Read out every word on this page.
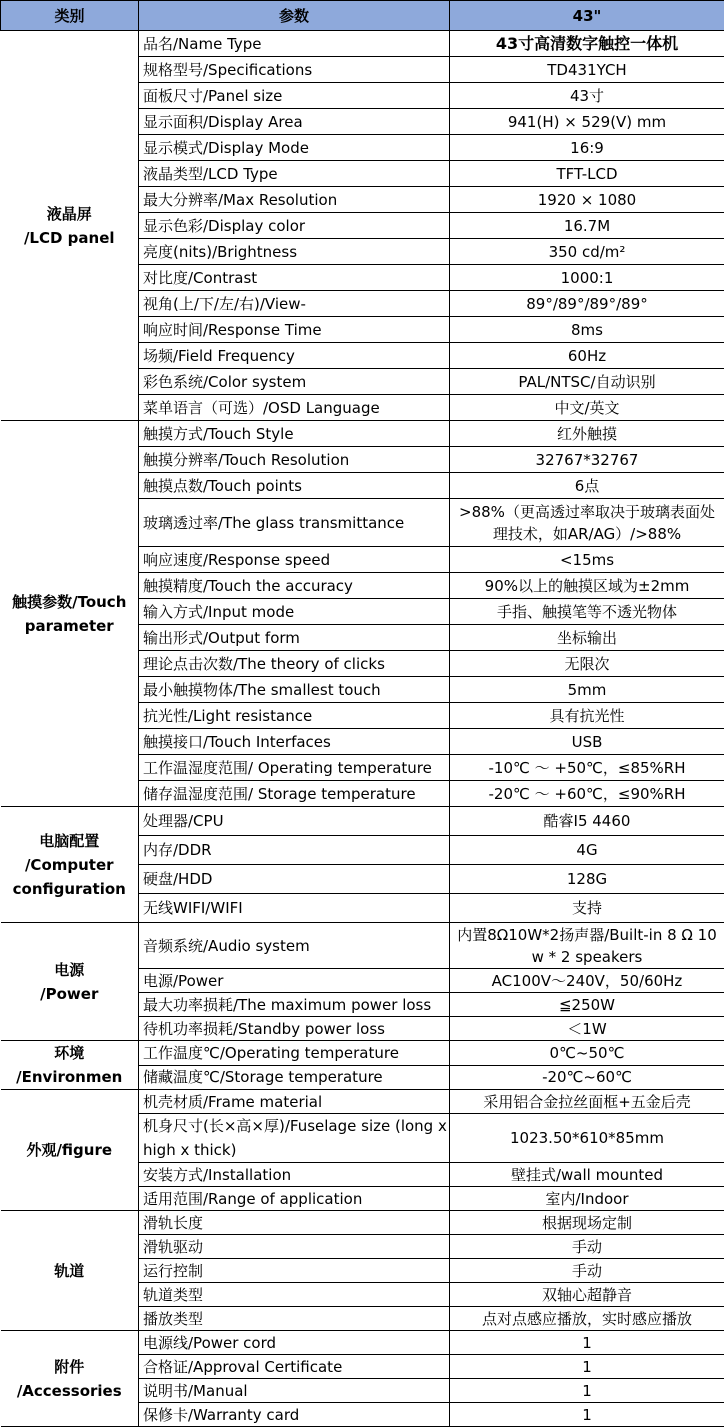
类别	参数	43"
液晶屏
/LCD panel	品名/Name Type	43寸高清数字触控一体机
	规格型号/Specifications	TD431YCH
	面板尺寸/Panel size	43寸
	显示面积/Display Area	941(H) × 529(V) mm
	显示模式/Display Mode	16:9
	液晶类型/LCD Type	TFT-LCD
	最大分辨率/Max Resolution	1920 × 1080
	显示色彩/Display color	16.7M
	亮度(nits)/Brightness	350 cd/m²
	对比度/Contrast	1000:1
	视角(上/下/左/右)/View-	89°/89°/89°/89°
	响应时间/Response Time	8ms
	场频/Field Frequency	60Hz
	彩色系统/Color system	PAL/NTSC/自动识别
	菜单语言（可选）/OSD Language	中文/英文
触摸参数/Touch
parameter	触摸方式/Touch Style	红外触摸
	触摸分辨率/Touch Resolution	32767*32767
	触摸点数/Touch points	6点
	玻璃透过率/The glass transmittance	>88%（更高透过率取决于玻璃表面处理技术，如AR/AG）/>88%
	响应速度/Response speed	<15ms
	触摸精度/Touch the accuracy	90%以上的触摸区域为±2mm
	输入方式/Input mode	手指、触摸笔等不透光物体
	输出形式/Output form	坐标输出
	理论点击次数/The theory of clicks	无限次
	最小触摸物体/The smallest touch	5mm
	抗光性/Light resistance	具有抗光性
	触摸接口/Touch Interfaces	USB
	工作温湿度范围/ Operating temperature	-10℃ ～ +50℃，≤85%RH
	储存温湿度范围/ Storage temperature	-20℃ ～ +60℃，≤90%RH
电脑配置
/Computer
configuration	处理器/CPU	酷睿I5 4460
	内存/DDR	4G
	硬盘/HDD	128G
	无线WIFI/WIFI	支持
电源
/Power	音频系统/Audio system	内置8Ω10W*2扬声器/Built-in 8 Ω 10 w * 2 speakers
	电源/Power	AC100V～240V，50/60Hz
	最大功率损耗/The maximum power loss	≦250W
	待机功率损耗/Standby power loss	＜1W
环境
/Environmen	工作温度℃/Operating temperature	0℃~50℃
	储藏温度℃/Storage temperature	-20℃~60℃
外观/figure	机壳材质/Frame material	采用铝合金拉丝面框+五金后壳
	机身尺寸(长×高×厚)/Fuselage size (long x high x thick)	1023.50*610*85mm
	安装方式/Installation	壁挂式/wall mounted
	适用范围/Range of application	室内/Indoor
轨道	滑轨长度	根据现场定制
	滑轨驱动	手动
	运行控制	手动
	轨道类型	双轴心超静音
	播放类型	点对点感应播放，实时感应播放
附件
/Accessories	电源线/Power cord	1
	合格证/Approval Certificate	1
	说明书/Manual	1
	保修卡/Warranty card	1
